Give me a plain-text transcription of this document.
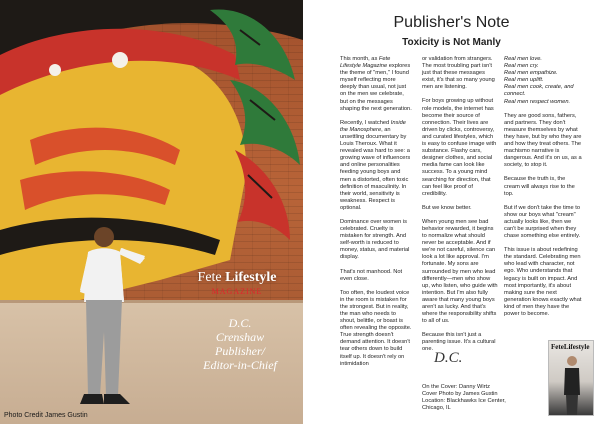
Fete Lifestyle
MAGAZINE
D.C.
Crenshaw
Publisher/
Editor-in-Chief
Photo Credit James Gustin
Publisher's Note
Toxicity is Not Manly

This month, as Fete Lifestyle Magazine explores the theme of "men," I found myself reflecting more deeply than usual, not just on the men we celebrate, but on the messages shaping the next generation.

Recently, I watched Inside the Manosphere, an unsettling documentary by Louis Theroux. What it revealed was hard to see: a growing wave of influencers and online personalities feeding young boys and men a distorted, often toxic definition of masculinity. In their world, sensitivity is weakness. Respect is optional.

Dominance over women is celebrated. Cruelty is mistaken for strength. And self-worth is reduced to money, status, and material display.

That's not manhood. Not even close.

Too often, the loudest voice in the room is mistaken for the strongest. But in reality, the man who needs to shout, belittle, or boast is often revealing the opposite. True strength doesn't demand attention. It doesn't tear others down to build itself up. It doesn't rely on intimidation

or validation from strangers. The most troubling part isn't just that these messages exist, it's that so many young men are listening.

For boys growing up without role models, the internet has become their source of connection. Their lives are driven by clicks, controversy, and curated lifestyles, which is easy to confuse image with substance. Flashy cars, designer clothes, and social media fame can look like success. To a young mind searching for direction, that can feel like proof of credibility.

But we know better.

When young men see bad behavior rewarded, it begins to normalize what should never be acceptable. And if we're not careful, silence can look a lot like approval. I'm fortunate. My sons are surrounded by men who lead differently—men who show up, who listen, who guide with intention. But I'm also fully aware that many young boys aren't as lucky. And that's where the responsibility shifts to all of us.

Because this isn't just a parenting issue. It's a cultural one.

Real men love.
Real men cry.
Real men empathize.
Real men uplift.
Real men cook, create, and connect.
Real men respect women.

They are good sons, fathers, and partners. They don't measure themselves by what they have, but by who they are and how they treat others. The machismo narrative is dangerous. And it's on us, as a society, to stop it.

Because the truth is, the cream will always rise to the top.

But if we don't take the time to show our boys what "cream" actually looks like, then we can't be surprised when they chase something else entirely.

This issue is about redefining the standard. Celebrating men who lead with character, not ego. Who understands that legacy is built on impact. And most importantly, it's about making sure the next generation knows exactly what kind of men they have the power to become.

D.C.
On the Cover: Danny Wirtz
Cover Photo by James Gustin
Location: Blackhawks Ice Center,
Chicago, IL
FeteLifestyle
